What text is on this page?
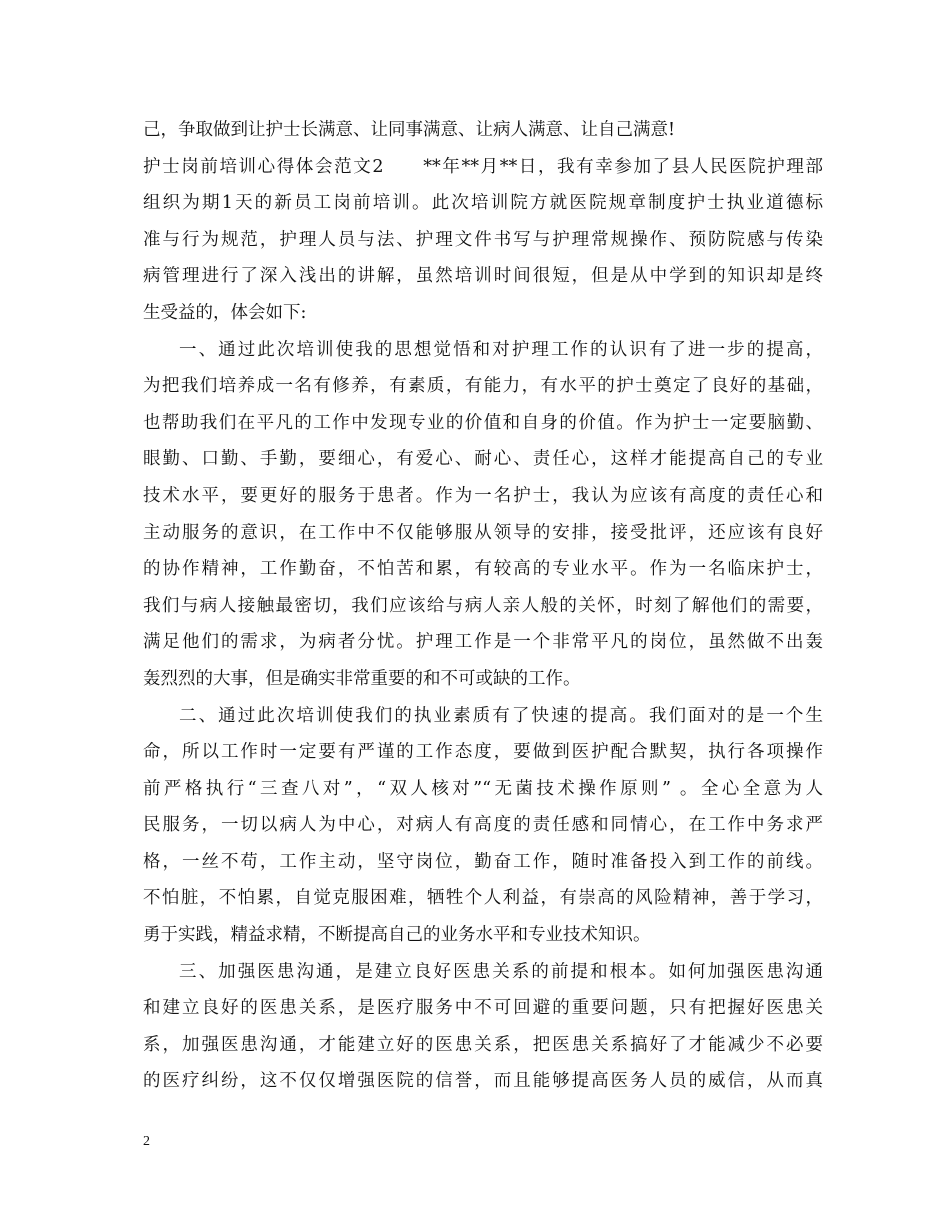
己，争取做到让护士长满意、让同事满意、让病人满意、让自己满意!
护士岗前培训心得体会范文2　　**年**月**日，我有幸参加了县人民医院护理部
组织为期1天的新员工岗前培训。此次培训院方就医院规章制度护士执业道德标
准与行为规范，护理人员与法、护理文件书写与护理常规操作、预防院感与传染
病管理进行了深入浅出的讲解，虽然培训时间很短，但是从中学到的知识却是终
生受益的，体会如下:
一、通过此次培训使我的思想觉悟和对护理工作的认识有了进一步的提高，
为把我们培养成一名有修养，有素质，有能力，有水平的护士奠定了良好的基础，
也帮助我们在平凡的工作中发现专业的价值和自身的价值。作为护士一定要脑勤、
眼勤、口勤、手勤，要细心，有爱心、耐心、责任心，这样才能提高自己的专业
技术水平，要更好的服务于患者。作为一名护士，我认为应该有高度的责任心和
主动服务的意识，在工作中不仅能够服从领导的安排，接受批评，还应该有良好
的协作精神，工作勤奋，不怕苦和累，有较高的专业水平。作为一名临床护士，
我们与病人接触最密切，我们应该给与病人亲人般的关怀，时刻了解他们的需要，
满足他们的需求，为病者分忧。护理工作是一个非常平凡的岗位，虽然做不出轰
轰烈烈的大事，但是确实非常重要的和不可或缺的工作。
二、通过此次培训使我们的执业素质有了快速的提高。我们面对的是一个生
命，所以工作时一定要有严谨的工作态度，要做到医护配合默契，执行各项操作
前严格执行“三查八对”，“双人核对”“无菌技术操作原则” 。全心全意为人
民服务，一切以病人为中心，对病人有高度的责任感和同情心，在工作中务求严
格，一丝不苟，工作主动，坚守岗位，勤奋工作，随时准备投入到工作的前线。
不怕脏，不怕累，自觉克服困难，牺牲个人利益，有崇高的风险精神，善于学习，
勇于实践，精益求精，不断提高自己的业务水平和专业技术知识。
三、加强医患沟通，是建立良好医患关系的前提和根本。如何加强医患沟通
和建立良好的医患关系，是医疗服务中不可回避的重要问题，只有把握好医患关
系，加强医患沟通，才能建立好的医患关系，把医患关系搞好了才能减少不必要
的医疗纠纷，这不仅仅增强医院的信誉，而且能够提高医务人员的威信，从而真
2
